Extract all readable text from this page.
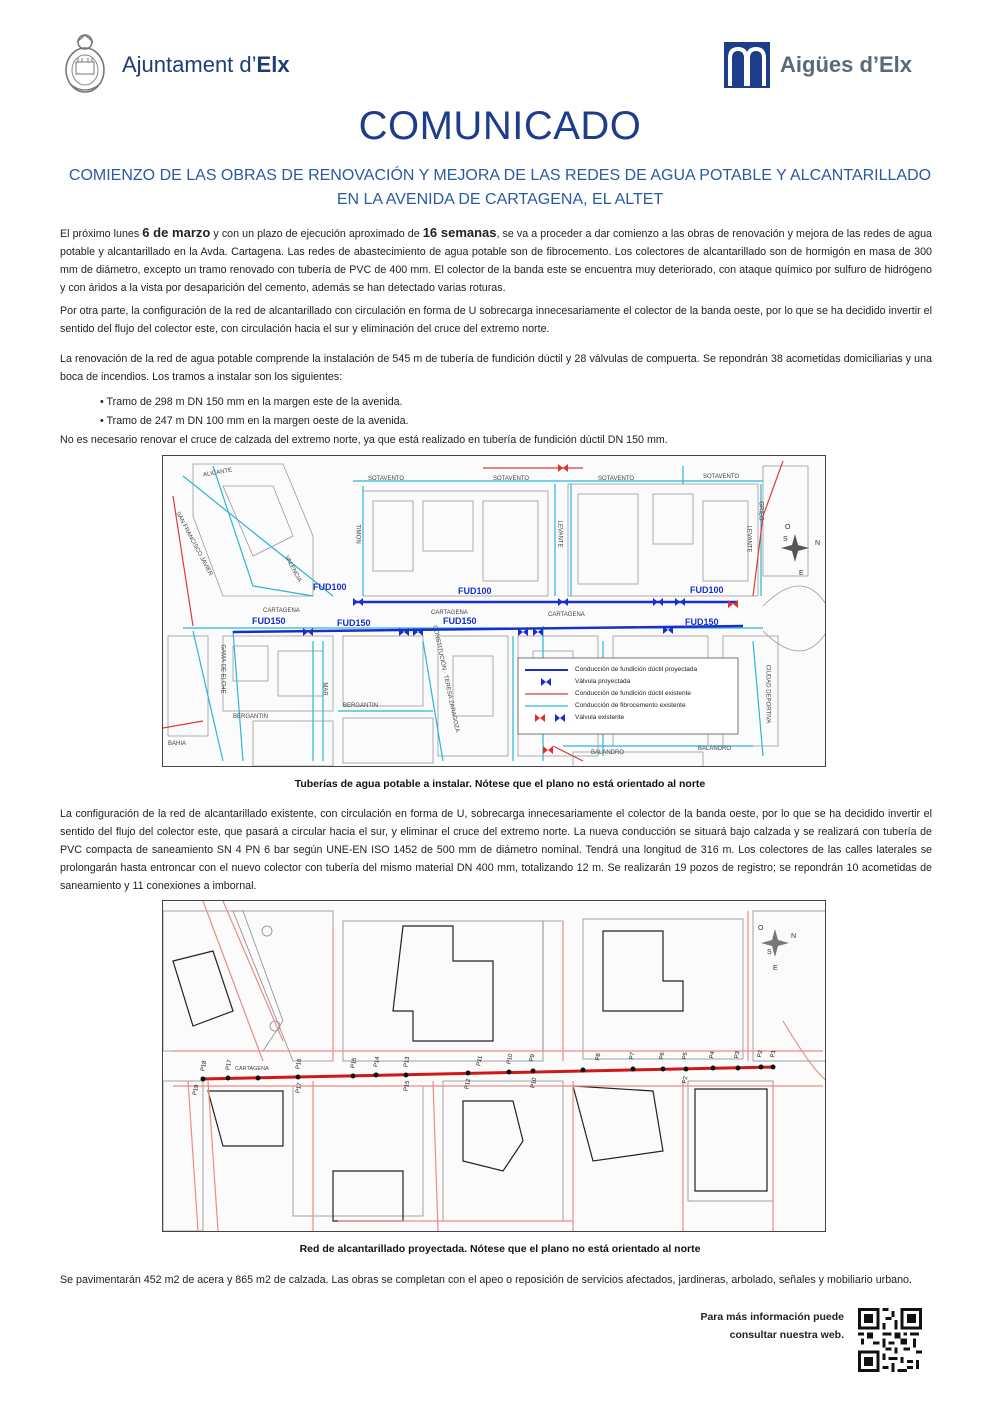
Ajuntament d’Elx	Aigües d’Elx
COMUNICADO
COMIENZO DE LAS OBRAS DE RENOVACIÓN Y MEJORA DE LAS REDES DE AGUA POTABLE Y ALCANTARILLADO EN LA AVENIDA DE CARTAGENA, EL ALTET
El próximo lunes 6 de marzo y con un plazo de ejecución aproximado de 16 semanas, se va a proceder a dar comienzo a las obras de renovación y mejora de las redes de agua potable y alcantarillado en la Avda. Cartagena. Las redes de abastecimiento de agua potable son de fibrocemento. Los colectores de alcantarillado son de hormigón en masa de 300 mm de diámetro, excepto un tramo renovado con tubería de PVC de 400 mm. El colector de la banda este se encuentra muy deteriorado, con ataque químico por sulfuro de hidrógeno y con áridos a la vista por desaparición del cemento, además se han detectado varias roturas.
Por otra parte, la configuración de la red de alcantarillado con circulación en forma de U sobrecarga innecesariamente el colector de la banda oeste, por lo que se ha decidido invertir el sentido del flujo del colector este, con circulación hacia el sur y eliminación del cruce del extremo norte.
La renovación de la red de agua potable comprende la instalación de 545 m de tubería de fundición dúctil y 28 válvulas de compuerta. Se repondrán 38 acometidas domiciliarias y una boca de incendios. Los tramos a instalar son los siguientes:
• Tramo de 298 m DN 150 mm en la margen este de la avenida.
• Tramo de 247 m DN 100 mm en la margen oeste de la avenida.
No es necesario renovar el cruce de calzada del extremo norte, ya que está realizado en tubería de fundición dúctil DN 150 mm.
SOTAVENTO	SOTAVENTO	SOTAVENTO	SOTAVENTO
CARTAGENA	CARTAGENA	CARTAGENA
BERGANTIN
BERGANTIN
BALANDRO
BALANDRO
TIMON	LEVANTE	LEVANTE
GAMA DE ELCHE	MAR	CONSTITUCIÓN · TERESA ZARAGOZA	CIUDAD DEPORTIVA
SAN FRANCISCO JAVIER	VALENCIA
ALICANTE
GRIEG
BAHIA
FUD100	FUD100	FUD100
FUD150	FUD150	FUD150	FUD150
O
S
N
E
Conducción de fundición dúctil proyectada
Válvula proyectada
Conducción de fundición dúctil existente
Conducción de fibrocemento existente
Válvula existente
Tuberías de agua potable a instalar. Nótese que el plano no está orientado al norte
La configuración de la red de alcantarillado existente, con circulación en forma de U, sobrecarga innecesariamente el colector de la banda oeste, por lo que se ha decidido invertir el sentido del flujo del colector este, que pasará a circular hacia el sur, y eliminar el cruce del extremo norte. La nueva conducción se situará bajo calzada y se realizará con tubería de PVC compacta de saneamiento SN 4 PN 6 bar según UNE-EN ISO 1452 de 500 mm de diámetro nominal. Tendrá una longitud de 316 m. Los colectores de las calles laterales se prolongarán hasta entroncar con el nuevo colector con tubería del mismo material DN 400 mm, totalizando 12 m. Se realizarán 19 pozos de registro; se repondrán 10 acometidas de saneamiento y 11 conexiones a imbornal.
P18	P17	P16	P15	P14	P13	P11	P10 P9	P8	P7	P6	P5	P4	P3	P2 P1
P19	P17	P15	P12	P10	P2
CARTAGENA
O
N
S
E
Red de alcantarillado proyectada. Nótese que el plano no está orientado al norte
Se pavimentarán 452 m2 de acera y 865 m2 de calzada. Las obras se completan con el apeo o reposición de servicios afectados, jardineras, arbolado, señales y mobiliario urbano.
Para más información puede
consultar nuestra web.
